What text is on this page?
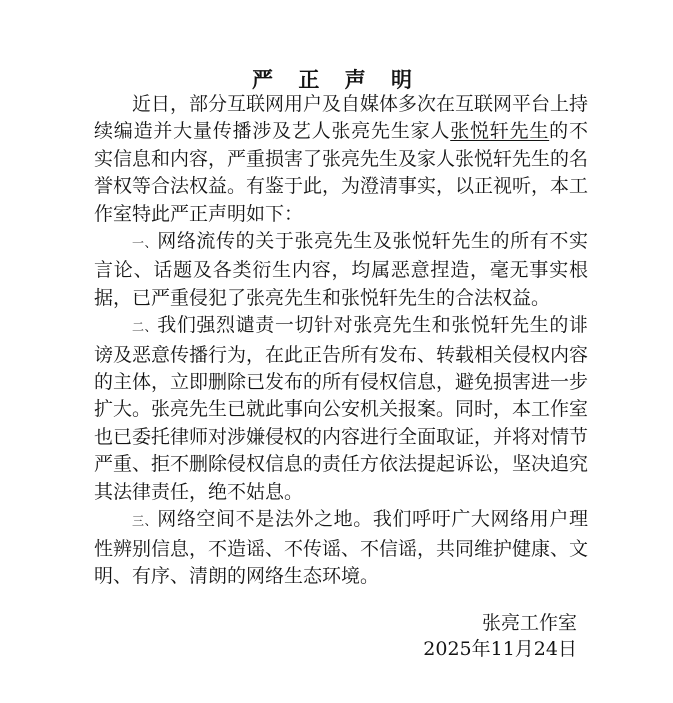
严 正 声 明

近日，部分互联网用户及自媒体多次在互联网平台上持续编造并大量传播涉及艺人张亮先生家人张悦轩先生的不实信息和内容，严重损害了张亮先生及家人张悦轩先生的名誉权等合法权益。有鉴于此，为澄清事实，以正视听，本工作室特此严正声明如下：

一、网络流传的关于张亮先生及张悦轩先生的所有不实言论、话题及各类衍生内容，均属恶意捏造，毫无事实根据，已严重侵犯了张亮先生和张悦轩先生的合法权益。

二、我们强烈谴责一切针对张亮先生和张悦轩先生的诽谤及恶意传播行为，在此正告所有发布、转载相关侵权内容的主体，立即删除已发布的所有侵权信息，避免损害进一步扩大。张亮先生已就此事向公安机关报案。同时，本工作室也已委托律师对涉嫌侵权的内容进行全面取证，并将对情节严重、拒不删除侵权信息的责任方依法提起诉讼，坚决追究其法律责任，绝不姑息。

三、网络空间不是法外之地。我们呼吁广大网络用户理性辨别信息，不造谣、不传谣、不信谣，共同维护健康、文明、有序、清朗的网络生态环境。

张亮工作室
2025年11月24日
